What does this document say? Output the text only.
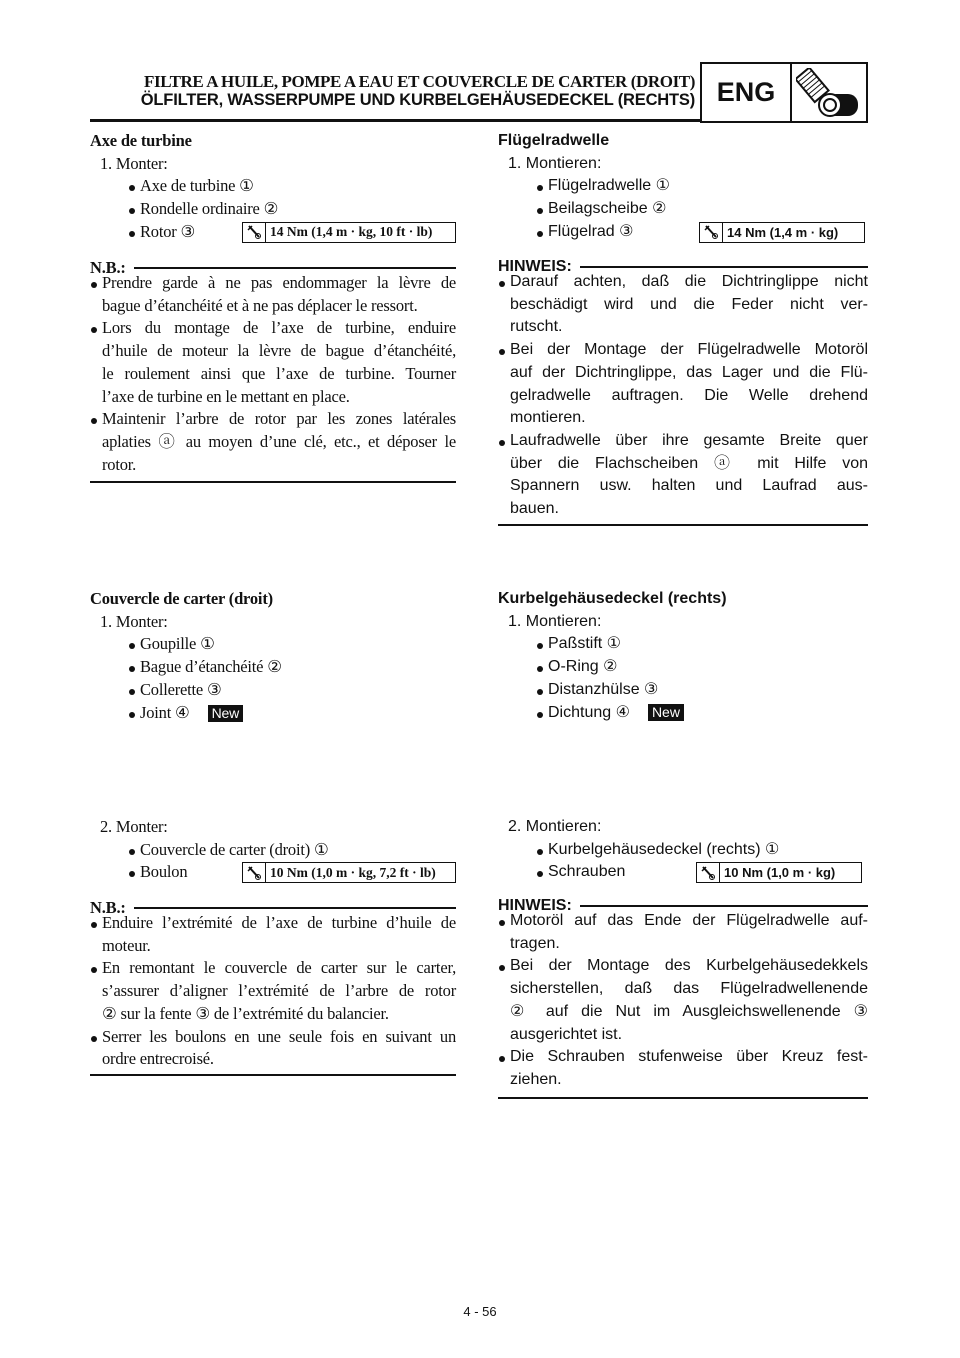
FILTRE A HUILE, POMPE A EAU ET COUVERCLE DE CARTER (DROIT)
ÖLFILTER, WASSERPUMPE UND KURBELGEHÄUSEDECKEL (RECHTS) ENG
Axe de turbine
1. Monter:
Axe de turbine ①
Rondelle ordinaire ②
Rotor ③	14 Nm (1,4 m · kg, 10 ft · lb)
N.B.:
Prendre garde à ne pas endommager la lèvre de
bague d’étanchéité et à ne pas déplacer le ressort.
Lors du montage de l’axe de turbine, enduire
d’huile de moteur la lèvre de bague d’étanchéité,
le roulement ainsi que l’axe de turbine. Tourner
l’axe de turbine en le mettant en place.
Maintenir l’arbre de rotor par les zones latérales
aplaties ⓐ au moyen d’une clé, etc., et déposer le
rotor.
Flügelradwelle
1. Montieren:
Flügelradwelle ①
Beilagscheibe ②
Flügelrad ③	14 Nm (1,4 m · kg)
HINWEIS:
Darauf achten, daß die Dichtringlippe nicht
beschädigt wird und die Feder nicht ver-
rutscht.
Bei der Montage der Flügelradwelle Motoröl
auf der Dichtringlippe, das Lager und die Flü-
gelradwelle auftragen. Die Welle drehend
montieren.
Laufradwelle über ihre gesamte Breite quer
über die Flachscheiben ⓐ mit Hilfe von
Spannern usw. halten und Laufrad aus-
bauen.
Couvercle de carter (droit)
1. Monter:
Goupille ①
Bague d’étanchéité ②
Collerette ③
Joint ④ New
Kurbelgehäusedeckel (rechts)
1. Montieren:
Paßstift ①
O-Ring ②
Distanzhülse ③
Dichtung ④ New
2. Monter:
Couvercle de carter (droit) ①
Boulon	10 Nm (1,0 m · kg, 7,2 ft · lb)
N.B.:
Enduire l’extrémité de l’axe de turbine d’huile de
moteur.
En remontant le couvercle de carter sur le carter,
s’assurer d’aligner l’extrémité de l’arbre de rotor
② sur la fente ③ de l’extrémité du balancier.
Serrer les boulons en une seule fois en suivant un
ordre entrecroisé.
2. Montieren:
Kurbelgehäusedeckel (rechts) ①
Schrauben	10 Nm (1,0 m · kg)
HINWEIS:
Motoröl auf das Ende der Flügelradwelle auf-
tragen.
Bei der Montage des Kurbelgehäusedekkels
sicherstellen, daß das Flügelradwellenende
② auf die Nut im Ausgleichswellenende ③
ausgerichtet ist.
Die Schrauben stufenweise über Kreuz fest-
ziehen.
4 - 56
